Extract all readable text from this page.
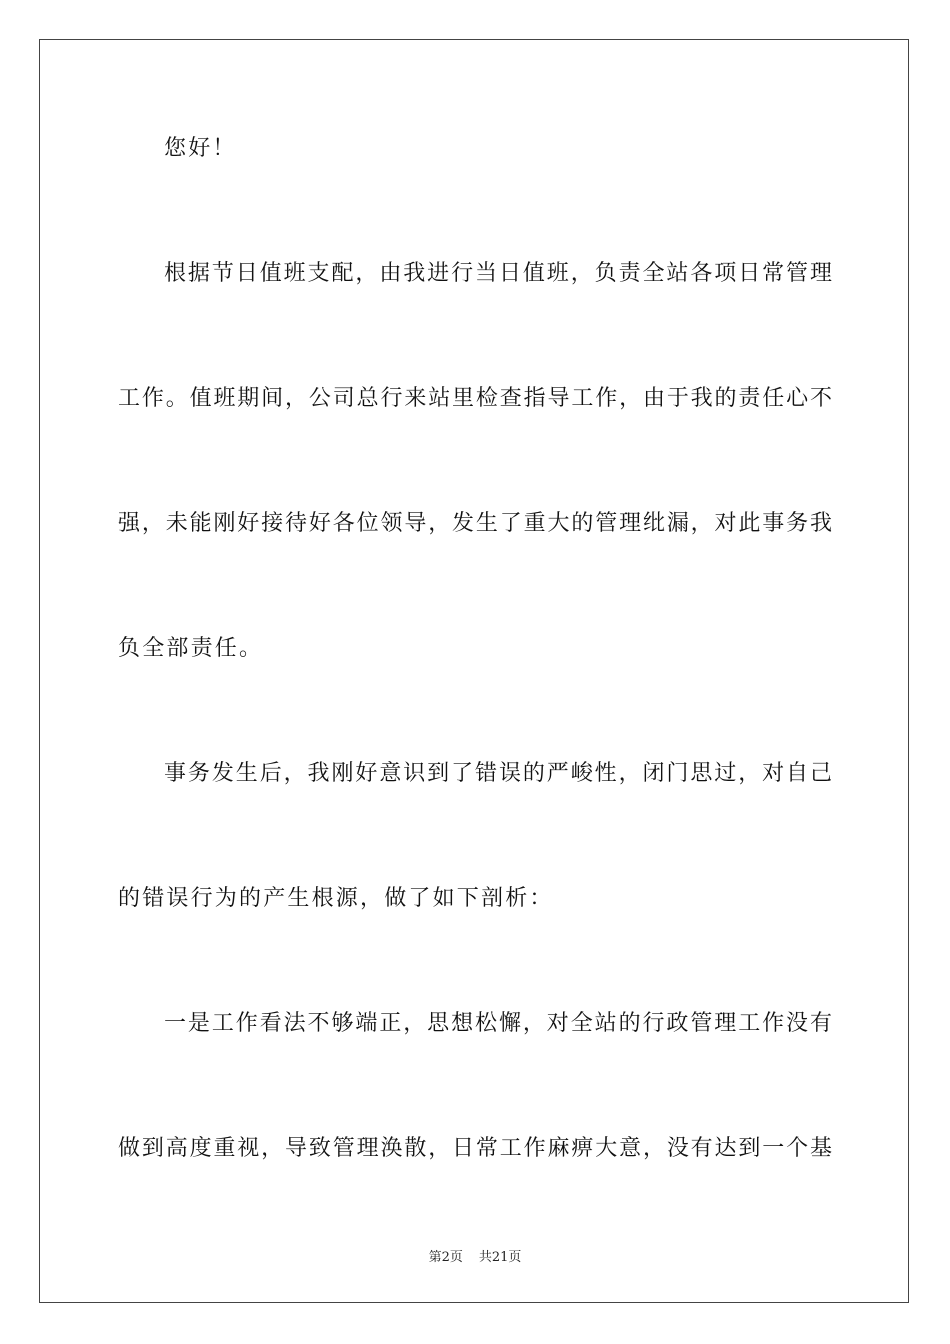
您好！
根据节日值班支配，由我进行当日值班，负责全站各项日常管理
工作。值班期间，公司总行来站里检查指导工作，由于我的责任心不
强，未能刚好接待好各位领导，发生了重大的管理纰漏，对此事务我
负全部责任。
事务发生后，我刚好意识到了错误的严峻性，闭门思过，对自己
的错误行为的产生根源，做了如下剖析：
一是工作看法不够端正，思想松懈，对全站的行政管理工作没有
做到高度重视，导致管理涣散，日常工作麻痹大意，没有达到一个基
第2页 共21页
